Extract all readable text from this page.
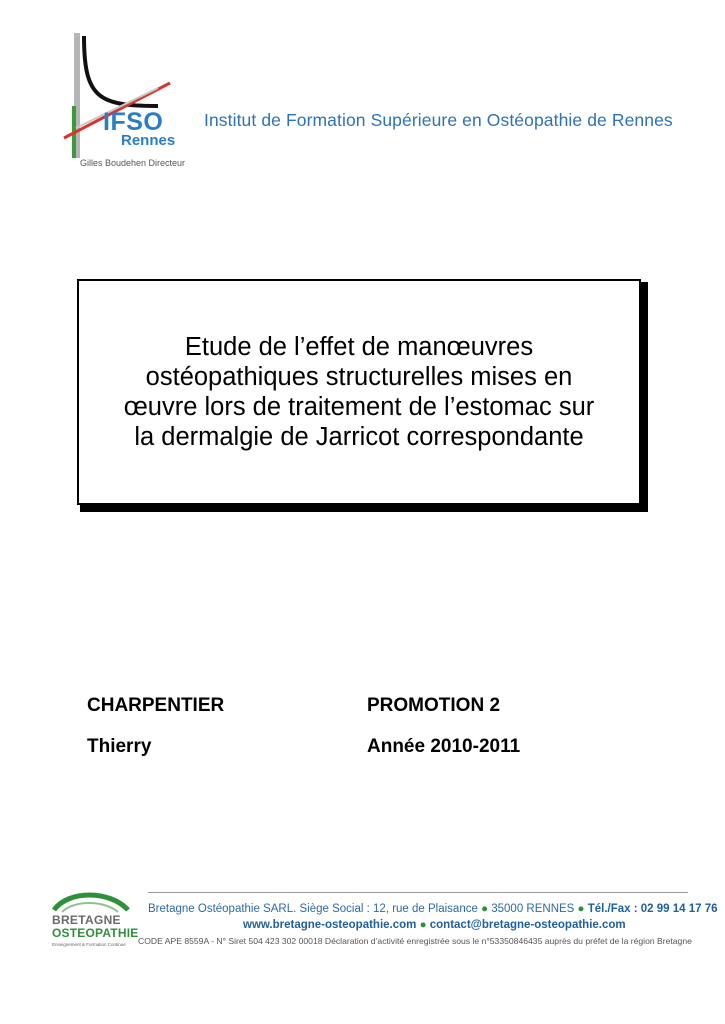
IFSO
Rennes
Gilles Boudehen Directeur
Institut de Formation Supérieure en Ostéopathie de Rennes
Etude de l’effet de manœuvres
ostéopathiques structurelles mises en
œuvre lors de traitement de l’estomac sur
la dermalgie de Jarricot correspondante
CHARPENTIER
Thierry
PROMOTION 2
Année 2010-2011
BRETAGNE
OSTEOPATHIE
Enseignement & Formation Continue
Bretagne Ostéopathie SARL. Siège Social : 12, rue de Plaisance ● 35000 RENNES ● Tél./Fax : 02 99 14 17 76
www.bretagne-osteopathie.com ● contact@bretagne-osteopathie.com
CODE APE 8559A - N° Siret 504 423 302 00018 Déclaration d’activité enregistrée sous le n°53350846435 auprès du préfet de la région Bretagne
